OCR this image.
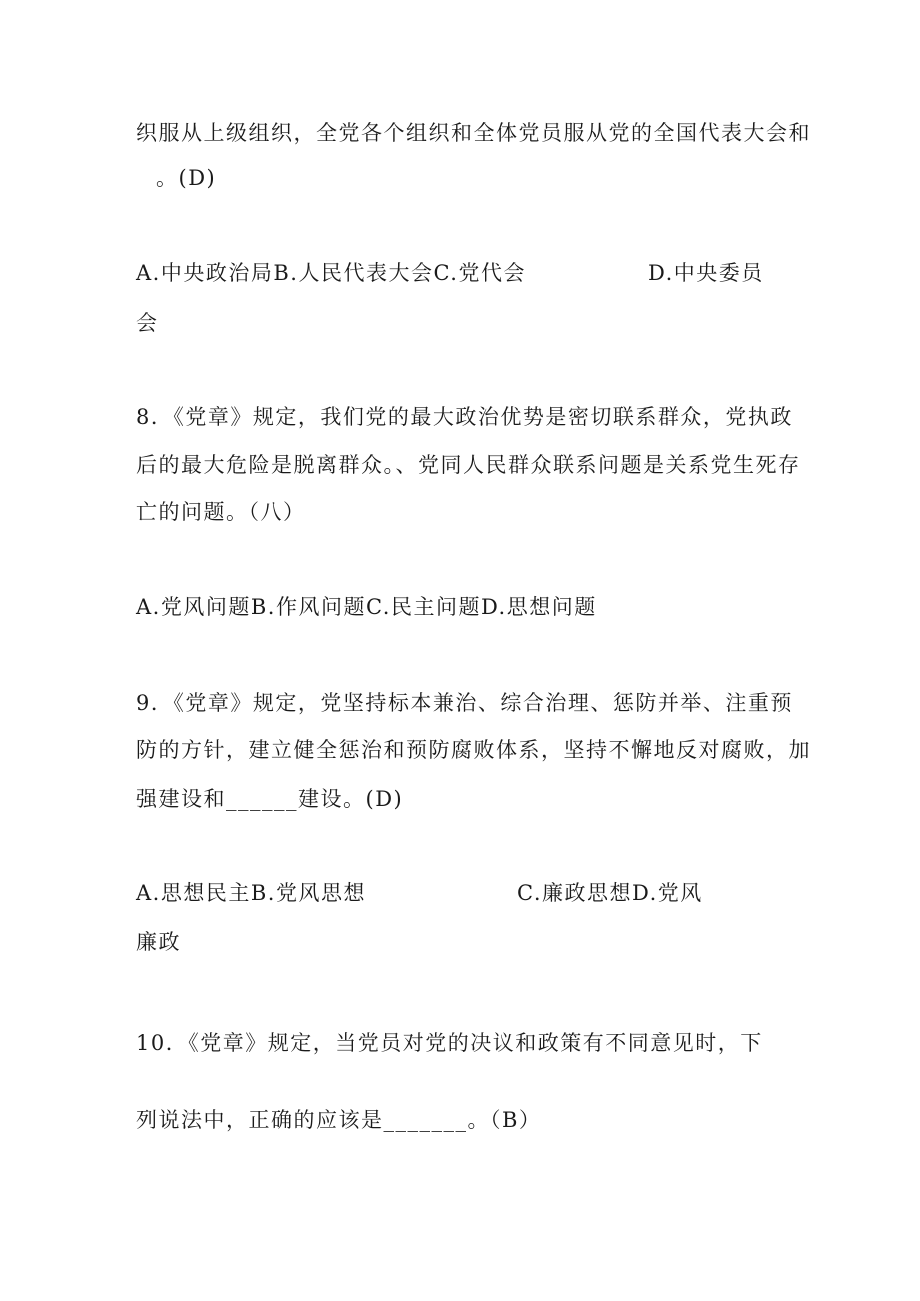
织服从上级组织，全党各个组织和全体党员服从党的全国代表大会和
。(D)
A.中央政治局B.人民代表大会C.党代会	D.中央委员
会
8．《党章》规定，我们党的最大政治优势是密切联系群众，党执政
后的最大危险是脱离群众。、党同人民群众联系问题是关系党生死存
亡的问题。（八）
A.党风问题B.作风问题C.民主问题D.思想问题
9．《党章》规定，党坚持标本兼治、综合治理、惩防并举、注重预
防的方针，建立健全惩治和预防腐败体系，坚持不懈地反对腐败，加
强建设和______建设。(D)
A.思想民主B.党风思想	C.廉政思想D.党风
廉政
10．《党章》规定，当党员对党的决议和政策有不同意见时，下
列说法中，正确的应该是_______。（B）
